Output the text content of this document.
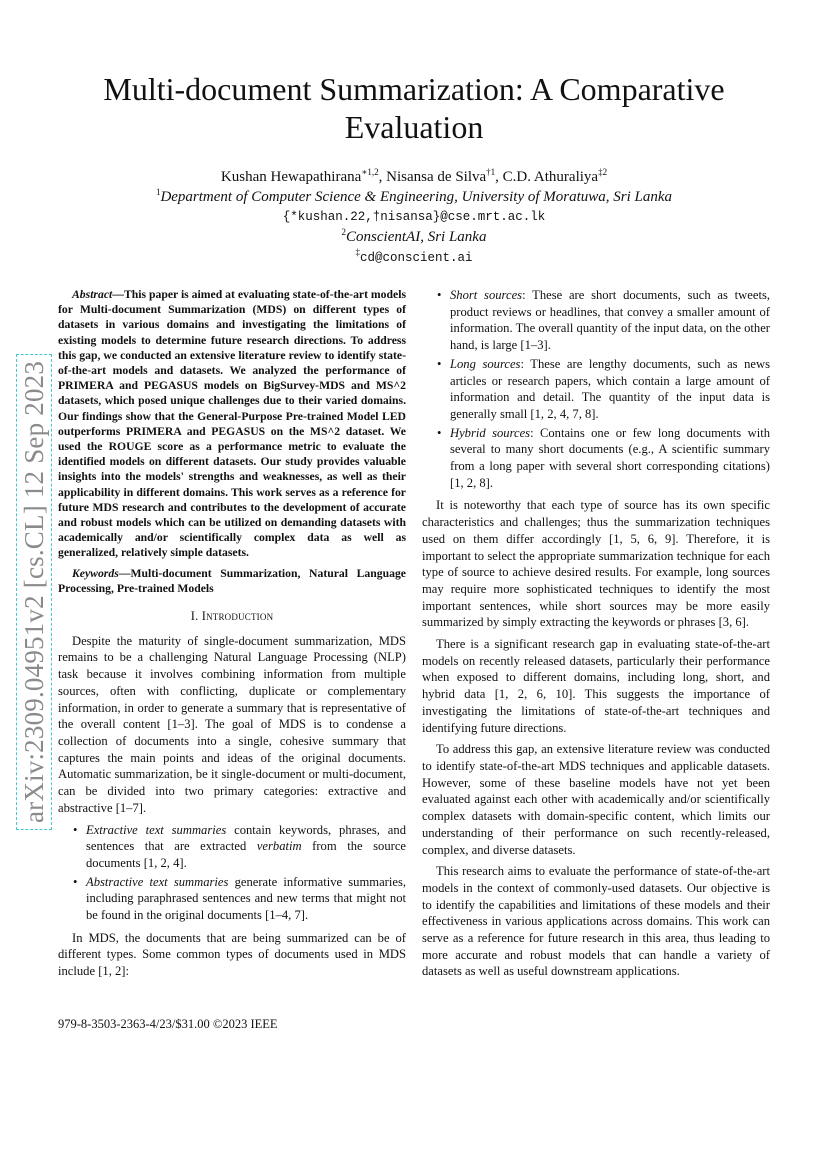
Multi-document Summarization: A Comparative Evaluation
Kushan Hewapathirana$^{∗1,2}$, Nisansa de Silva$^{\dagger 1}$, C.D. Athuraliya$^{\ddagger 2}$
$^1$Department of Computer Science & Engineering, University of Moratuwa, Sri Lanka
{*kushan.22,†nisansa}@cse.mrt.ac.lk
$^2$ConscientAI, Sri Lanka
‡cd@conscient.ai
arXiv:2309.04951v2 [cs.CL] 12 Sep 2023

Abstract—This paper is aimed at evaluating state-of-the-art models for Multi-document Summarization (MDS) on different types of datasets in various domains and investigating the limitations of existing models to determine future research directions. To address this gap, we conducted an extensive literature review to identify state-of-the-art models and datasets. We analyzed the performance of PRIMERA and PEGASUS models on BigSurvey-MDS and MS^2 datasets, which posed unique challenges due to their varied domains. Our findings show that the General-Purpose Pre-trained Model LED outperforms PRIMERA and PEGASUS on the MS^2 dataset. We used the ROUGE score as a performance metric to evaluate the identified models on different datasets. Our study provides valuable insights into the models' strengths and weaknesses, as well as their applicability in different domains. This work serves as a reference for future MDS research and contributes to the development of accurate and robust models which can be utilized on demanding datasets with academically and/or scientifically complex data as well as generalized, relatively simple datasets.

Keywords—Multi-document Summarization, Natural Language Processing, Pre-trained Models

I. Introduction

Despite the maturity of single-document summarization, MDS remains to be a challenging Natural Language Processing (NLP) task because it involves combining information from multiple sources, often with conflicting, duplicate or complementary information, in order to generate a summary that is representative of the overall content [1–3]. The goal of MDS is to condense a collection of documents into a single, cohesive summary that captures the main points and ideas of the original documents. Automatic summarization, be it single-document or multi-document, can be divided into two primary categories: extractive and abstractive [1–7].

• Extractive text summaries contain keywords, phrases, and sentences that are extracted verbatim from the source documents [1, 2, 4].
• Abstractive text summaries generate informative summaries, including paraphrased sentences and new terms that might not be found in the original documents [1–4, 7].

In MDS, the documents that are being summarized can be of different types. Some common types of documents used in MDS include [1, 2]:

• Short sources: These are short documents, such as tweets, product reviews or headlines, that convey a smaller amount of information. The overall quantity of the input data, on the other hand, is large [1–3].
• Long sources: These are lengthy documents, such as news articles or research papers, which contain a large amount of information and detail. The quantity of the input data is generally small [1, 2, 4, 7, 8].
• Hybrid sources: Contains one or few long documents with several to many short documents (e.g., A scientific summary from a long paper with several short corresponding citations) [1, 2, 8].

It is noteworthy that each type of source has its own specific characteristics and challenges; thus the summarization techniques used on them differ accordingly [1, 5, 6, 9]. Therefore, it is important to select the appropriate summarization technique for each type of source to achieve desired results. For example, long sources may require more sophisticated techniques to identify the most important sentences, while short sources may be more easily summarized by simply extracting the keywords or phrases [3, 6].

There is a significant research gap in evaluating state-of-the-art models on recently released datasets, particularly their performance when exposed to different domains, including long, short, and hybrid data [1, 2, 6, 10]. This suggests the importance of investigating the limitations of state-of-the-art techniques and identifying future directions.

To address this gap, an extensive literature review was conducted to identify state-of-the-art MDS techniques and applicable datasets. However, some of these baseline models have not yet been evaluated against each other with academically and/or scientifically complex datasets with domain-specific content, which limits our understanding of their performance on such recently-released, complex, and diverse datasets.

This research aims to evaluate the performance of state-of-the-art models in the context of commonly-used datasets. Our objective is to identify the capabilities and limitations of these models and their effectiveness in various applications across domains. This work can serve as a reference for future research in this area, thus leading to more accurate and robust models that can handle a variety of datasets as well as useful downstream applications.

979-8-3503-2363-4/23/$31.00 ©2023 IEEE
